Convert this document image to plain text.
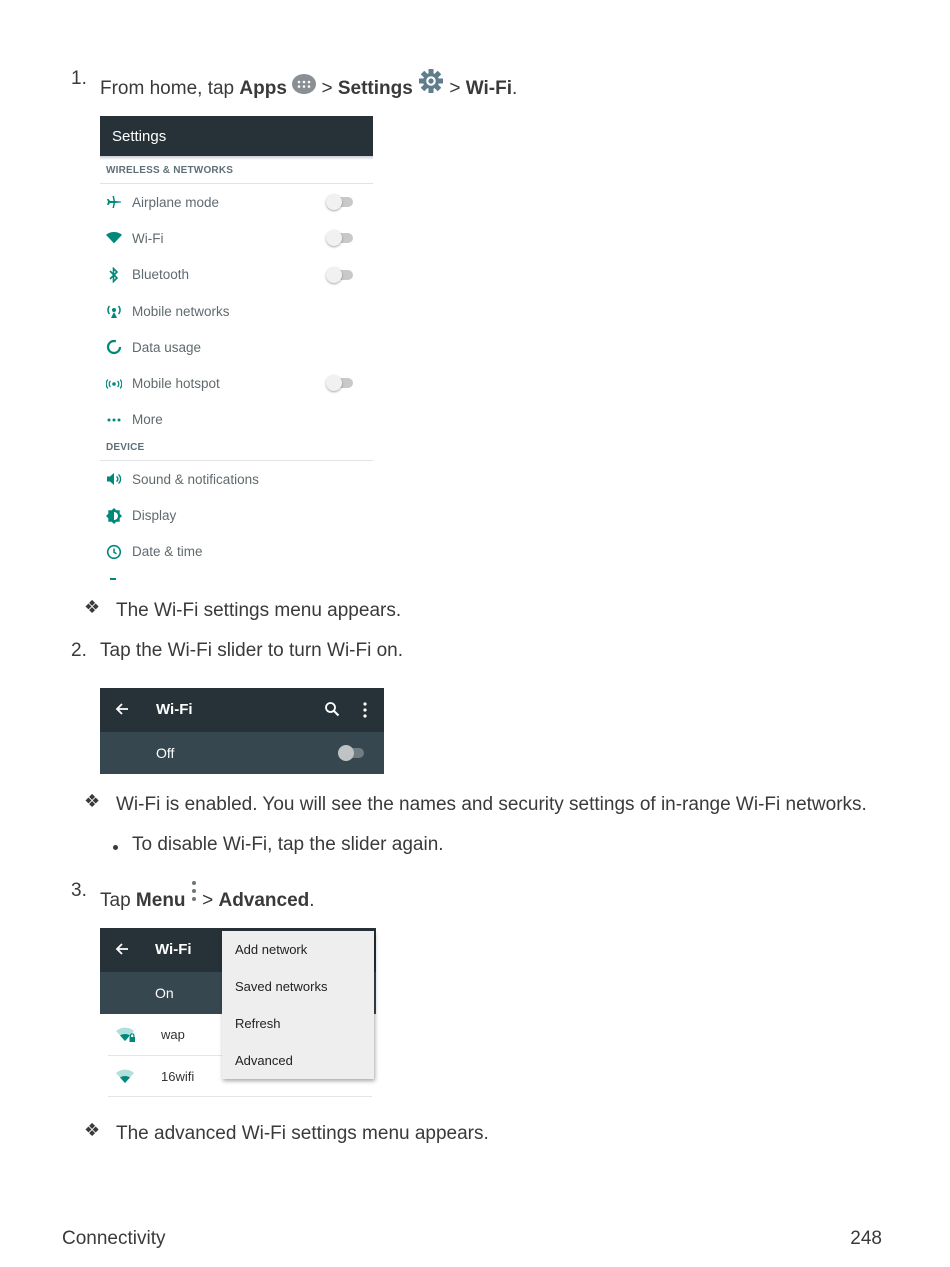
1. From home, tap Apps  > Settings  > Wi-Fi.
Settings
WIRELESS & NETWORKS
Airplane mode
Wi-Fi
Bluetooth
Mobile networks
Data usage
Mobile hotspot
More
DEVICE
Sound & notifications
Display
Date & time
❖ The Wi-Fi settings menu appears.
2. Tap the Wi-Fi slider to turn Wi-Fi on.
Wi-Fi
Off
❖ Wi-Fi is enabled. You will see the names and security settings of in-range Wi-Fi networks.
To disable Wi-Fi, tap the slider again.
3. Tap Menu  > Advanced.
Wi-Fi
On
wap
16wifi
Add network
Saved networks
Refresh
Advanced
❖ The advanced Wi-Fi settings menu appears.
Connectivity	248
